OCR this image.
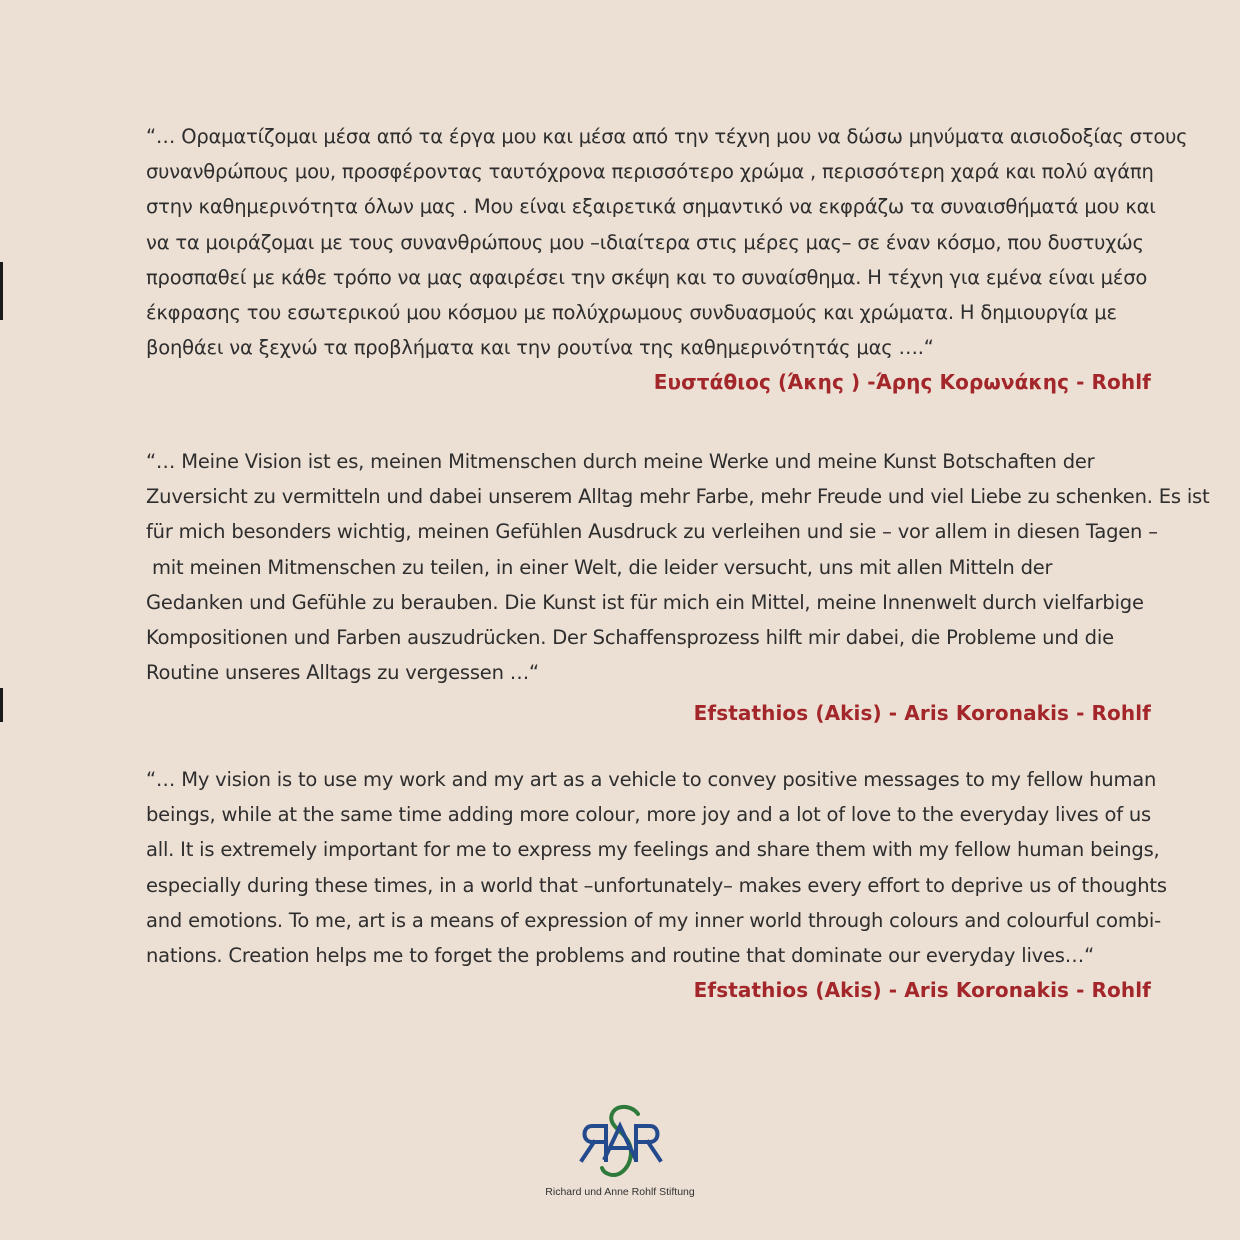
“… Οραματίζομαι μέσα από τα έργα μου και μέσα από την τέχνη μου να δώσω μηνύματα αισιοδοξίας στους
συνανθρώπους μου, προσφέροντας ταυτόχρονα περισσότερο χρώμα , περισσότερη χαρά και πολύ αγάπη
στην καθημερινότητα όλων μας . Μου είναι εξαιρετικά σημαντικό να εκφράζω τα συναισθήματά μου και
να τα μοιράζομαι με τους συνανθρώπους μου –ιδιαίτερα στις μέρες μας– σε έναν κόσμο, που δυστυχώς
προσπαθεί με κάθε τρόπο να μας αφαιρέσει την σκέψη και το συναίσθημα. Η τέχνη για εμένα είναι μέσο
έκφρασης του εσωτερικού μου κόσμου με πολύχρωμους συνδυασμούς και χρώματα. Η δημιουργία με
βοηθάει να ξεχνώ τα προβλήματα και την ρουτίνα της καθημερινότητάς μας ….“
Ευστάθιος (Άκης ) -Άρης Κορωνάκης - Rohlf
“… Meine Vision ist es, meinen Mitmenschen durch meine Werke und meine Kunst Botschaften der
Zuversicht zu vermitteln und dabei unserem Alltag mehr Farbe, mehr Freude und viel Liebe zu schenken. Es ist
für mich besonders wichtig, meinen Gefühlen Ausdruck zu verleihen und sie – vor allem in diesen Tagen –
mit meinen Mitmenschen zu teilen, in einer Welt, die leider versucht, uns mit allen Mitteln der
Gedanken und Gefühle zu berauben. Die Kunst ist für mich ein Mittel, meine Innenwelt durch vielfarbige
Kompositionen und Farben auszudrücken. Der Schaffensprozess hilft mir dabei, die Probleme und die
Routine unseres Alltags zu vergessen …“
Efstathios (Akis) - Aris Koronakis - Rohlf
“… My vision is to use my work and my art as a vehicle to convey positive messages to my fellow human
beings, while at the same time adding more colour, more joy and a lot of love to the everyday lives of us
all. It is extremely important for me to express my feelings and share them with my fellow human beings,
especially during these times, in a world that –unfortunately– makes every effort to deprive us of thoughts
and emotions. To me, art is a means of expression of my inner world through colours and colourful combi-
nations. Creation helps me to forget the problems and routine that dominate our everyday lives…“
Efstathios (Akis) - Aris Koronakis - Rohlf
Richard und Anne Rohlf Stiftung
